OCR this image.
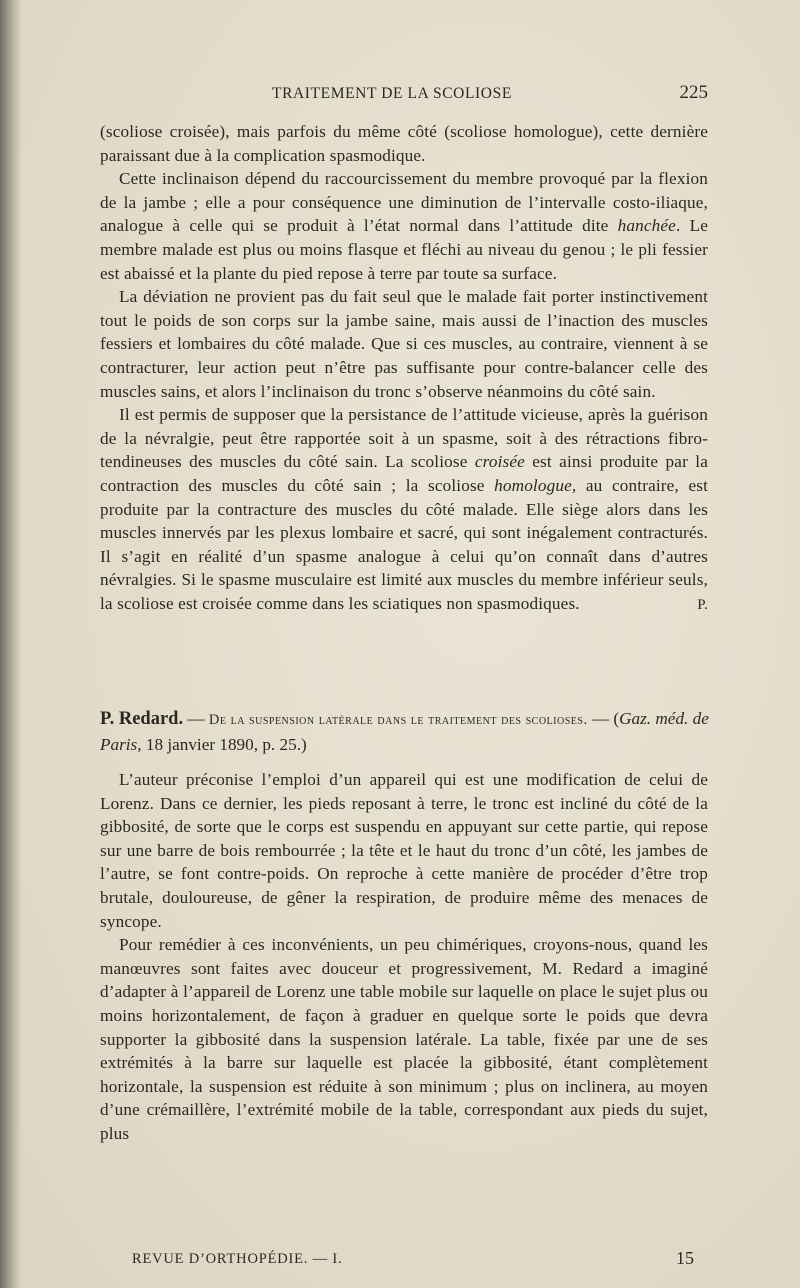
TRAITEMENT DE LA SCOLIOSE	225

(scoliose croisée), mais parfois du même côté (scoliose homologue), cette dernière paraissant due à la complication spasmodique.

Cette inclinaison dépend du raccourcissement du membre provoqué par la flexion de la jambe ; elle a pour conséquence une diminution de l’intervalle costo-iliaque, analogue à celle qui se produit à l’état normal dans l’attitude dite hanchée. Le membre malade est plus ou moins flasque et fléchi au niveau du genou ; le pli fessier est abaissé et la plante du pied repose à terre par toute sa surface.

La déviation ne provient pas du fait seul que le malade fait porter instinctivement tout le poids de son corps sur la jambe saine, mais aussi de l’inaction des muscles fessiers et lombaires du côté malade. Que si ces muscles, au contraire, viennent à se contracturer, leur action peut n’être pas suffisante pour contre-balancer celle des muscles sains, et alors l’inclinaison du tronc s’observe néanmoins du côté sain.

Il est permis de supposer que la persistance de l’attitude vicieuse, après la guérison de la névralgie, peut être rapportée soit à un spasme, soit à des rétractions fibro-tendineuses des muscles du côté sain. La scoliose croisée est ainsi produite par la contraction des muscles du côté sain ; la scoliose homologue, au contraire, est produite par la contracture des muscles du côté malade. Elle siège alors dans les muscles innervés par les plexus lombaire et sacré, qui sont inégalement contracturés. Il s’agit en réalité d’un spasme analogue à celui qu’on connaît dans d’autres névralgies. Si le spasme musculaire est limité aux muscles du membre inférieur seuls, la scoliose est croisée comme dans les sciatiques non spasmodiques.	P.

P. Redard. — De la suspension latérale dans le traitement des scolioses. — (Gaz. méd. de Paris, 18 janvier 1890, p. 25.)

L’auteur préconise l’emploi d’un appareil qui est une modification de celui de Lorenz. Dans ce dernier, les pieds reposant à terre, le tronc est incliné du côté de la gibbosité, de sorte que le corps est suspendu en appuyant sur cette partie, qui repose sur une barre de bois rembourrée ; la tête et le haut du tronc d’un côté, les jambes de l’autre, se font contre-poids. On reproche à cette manière de procéder d’être trop brutale, douloureuse, de gêner la respiration, de produire même des menaces de syncope.

Pour remédier à ces inconvénients, un peu chimériques, croyons-nous, quand les manœuvres sont faites avec douceur et progressivement, M. Redard a imaginé d’adapter à l’appareil de Lorenz une table mobile sur laquelle on place le sujet plus ou moins horizontalement, de façon à graduer en quelque sorte le poids que devra supporter la gibbosité dans la suspension latérale. La table, fixée par une de ses extrémités à la barre sur laquelle est placée la gibbosité, étant complètement horizontale, la suspension est réduite à son minimum ; plus on inclinera, au moyen d’une crémaillère, l’extrémité mobile de la table, correspondant aux pieds du sujet, plus

REVUE D’ORTHOPÉDIE. — I.	15
